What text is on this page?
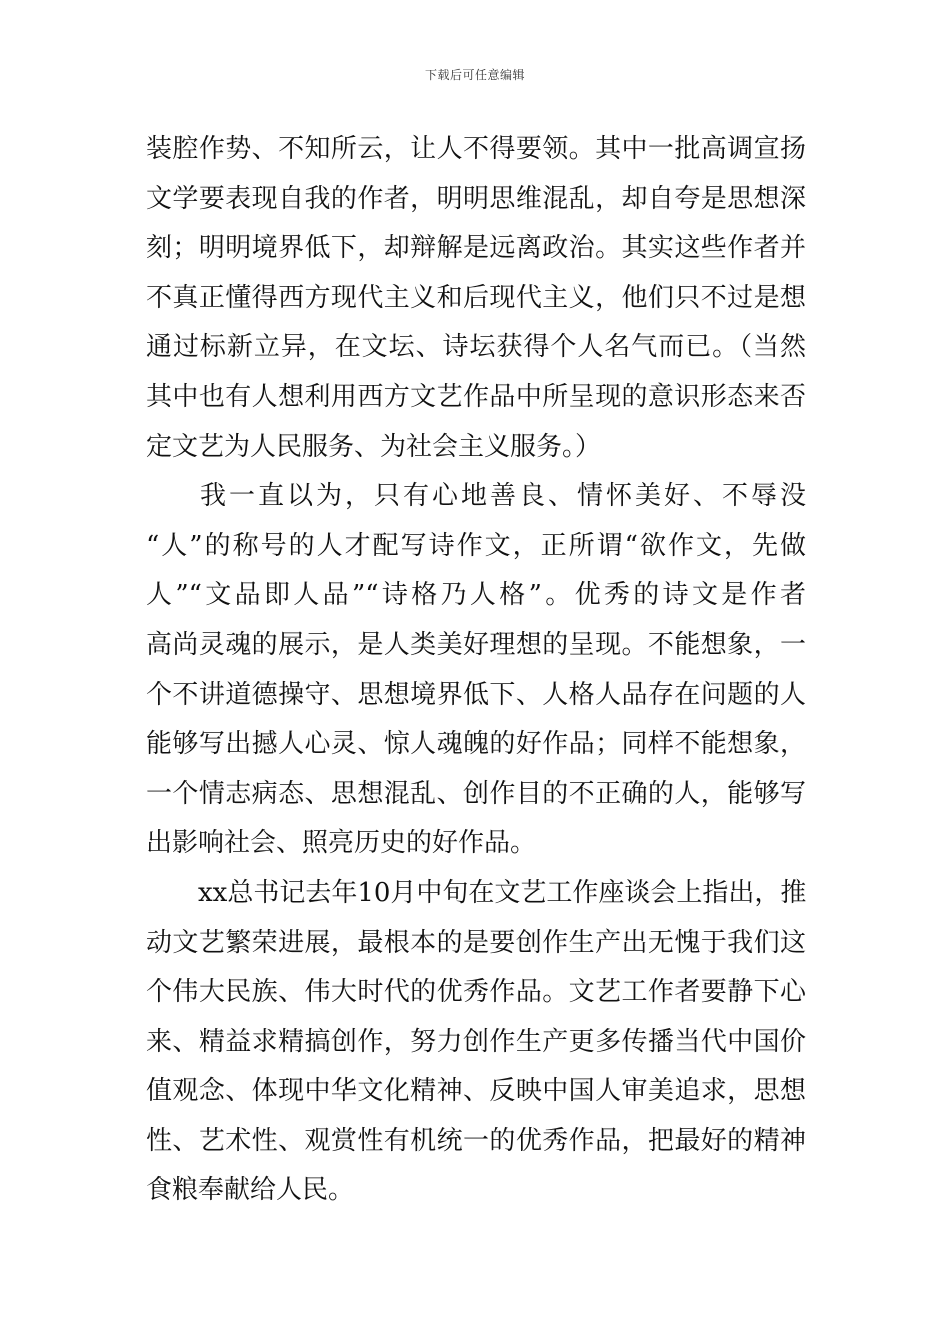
下载后可任意编辑
装腔作势、不知所云，让人不得要领。其中一批高调宣扬
文学要表现自我的作者，明明思维混乱，却自夸是思想深
刻；明明境界低下，却辩解是远离政治。其实这些作者并
不真正懂得西方现代主义和后现代主义，他们只不过是想
通过标新立异，在文坛、诗坛获得个人名气而已。（当然
其中也有人想利用西方文艺作品中所呈现的意识形态来否
定文艺为人民服务、为社会主义服务。）
我一直以为，只有心地善良、情怀美好、不辱没
“人”的称号的人才配写诗作文，正所谓“欲作文，先做
人”“文品即人品”“诗格乃人格”。优秀的诗文是作者
高尚灵魂的展示，是人类美好理想的呈现。不能想象，一
个不讲道德操守、思想境界低下、人格人品存在问题的人
能够写出撼人心灵、惊人魂魄的好作品；同样不能想象，
一个情志病态、思想混乱、创作目的不正确的人，能够写
出影响社会、照亮历史的好作品。
xx总书记去年10月中旬在文艺工作座谈会上指出，推
动文艺繁荣进展，最根本的是要创作生产出无愧于我们这
个伟大民族、伟大时代的优秀作品。文艺工作者要静下心
来、精益求精搞创作，努力创作生产更多传播当代中国价
值观念、体现中华文化精神、反映中国人审美追求，思想
性、艺术性、观赏性有机统一的优秀作品，把最好的精神
食粮奉献给人民。
